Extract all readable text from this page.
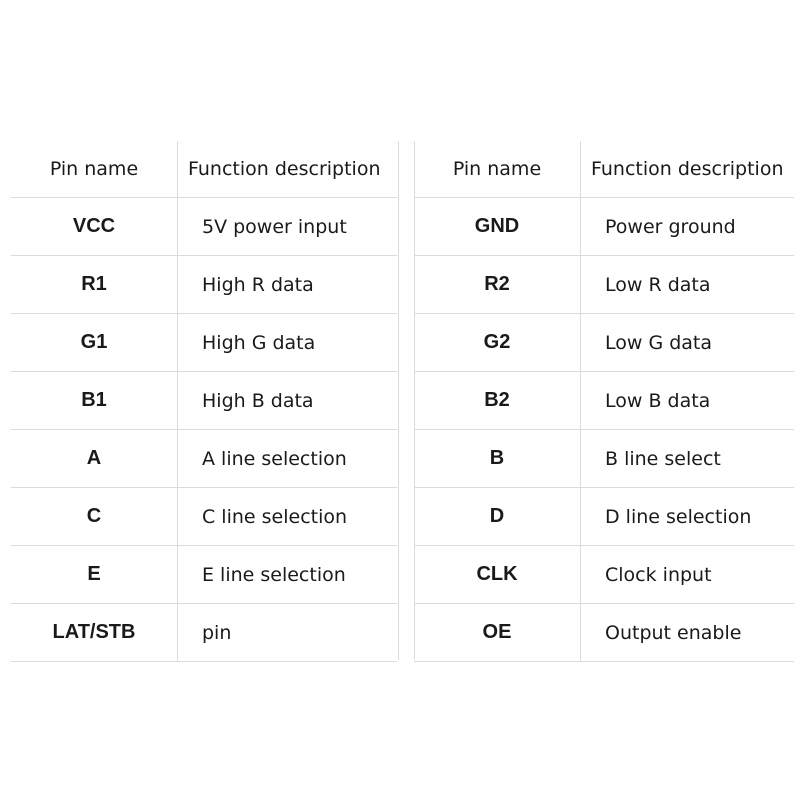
Pin name	Function description
VCC	5V power input
R1	High R data
G1	High G data
B1	High B data
A	A line selection
C	C line selection
E	E line selection
LAT/STB	pin
Pin name	Function description
GND	Power ground
R2	Low R data
G2	Low G data
B2	Low B data
B	B line select
D	D line selection
CLK	Clock input
OE	Output enable
